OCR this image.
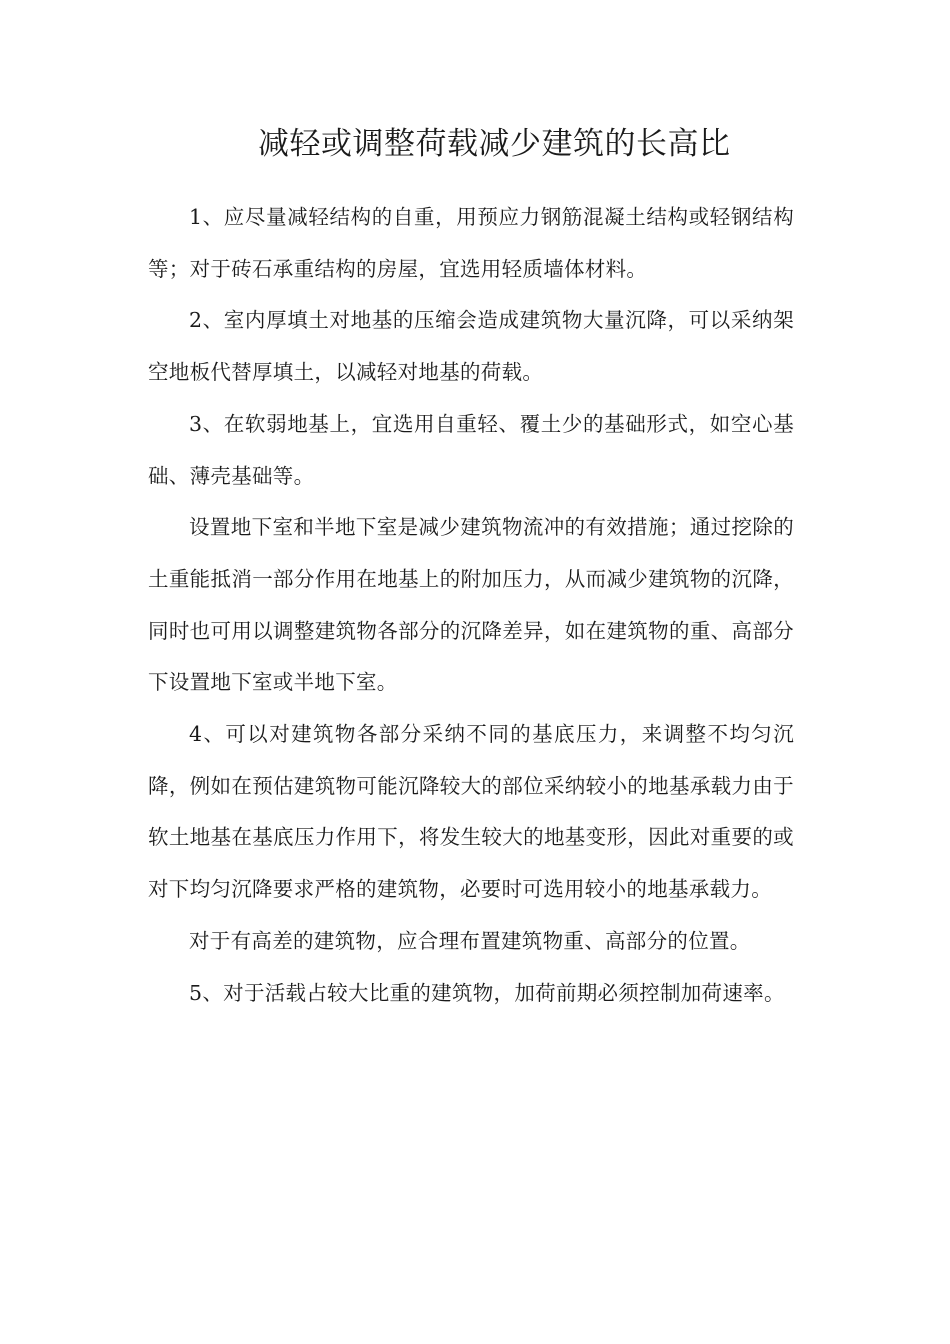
减轻或调整荷载减少建筑的长高比

1、应尽量减轻结构的自重，用预应力钢筋混凝土结构或轻钢结构等；对于砖石承重结构的房屋，宜选用轻质墙体材料。

2、室内厚填土对地基的压缩会造成建筑物大量沉降，可以采纳架空地板代替厚填土，以减轻对地基的荷载。

3、在软弱地基上，宜选用自重轻、覆土少的基础形式，如空心基础、薄壳基础等。

设置地下室和半地下室是减少建筑物流冲的有效措施；通过挖除的土重能抵消一部分作用在地基上的附加压力，从而减少建筑物的沉降，同时也可用以调整建筑物各部分的沉降差异，如在建筑物的重、高部分下设置地下室或半地下室。

4、可以对建筑物各部分采纳不同的基底压力，来调整不均匀沉降，例如在预估建筑物可能沉降较大的部位采纳较小的地基承载力由于软土地基在基底压力作用下，将发生较大的地基变形，因此对重要的或对下均匀沉降要求严格的建筑物，必要时可选用较小的地基承载力。

对于有高差的建筑物，应合理布置建筑物重、高部分的位置。

5、对于活载占较大比重的建筑物，加荷前期必须控制加荷速率。
